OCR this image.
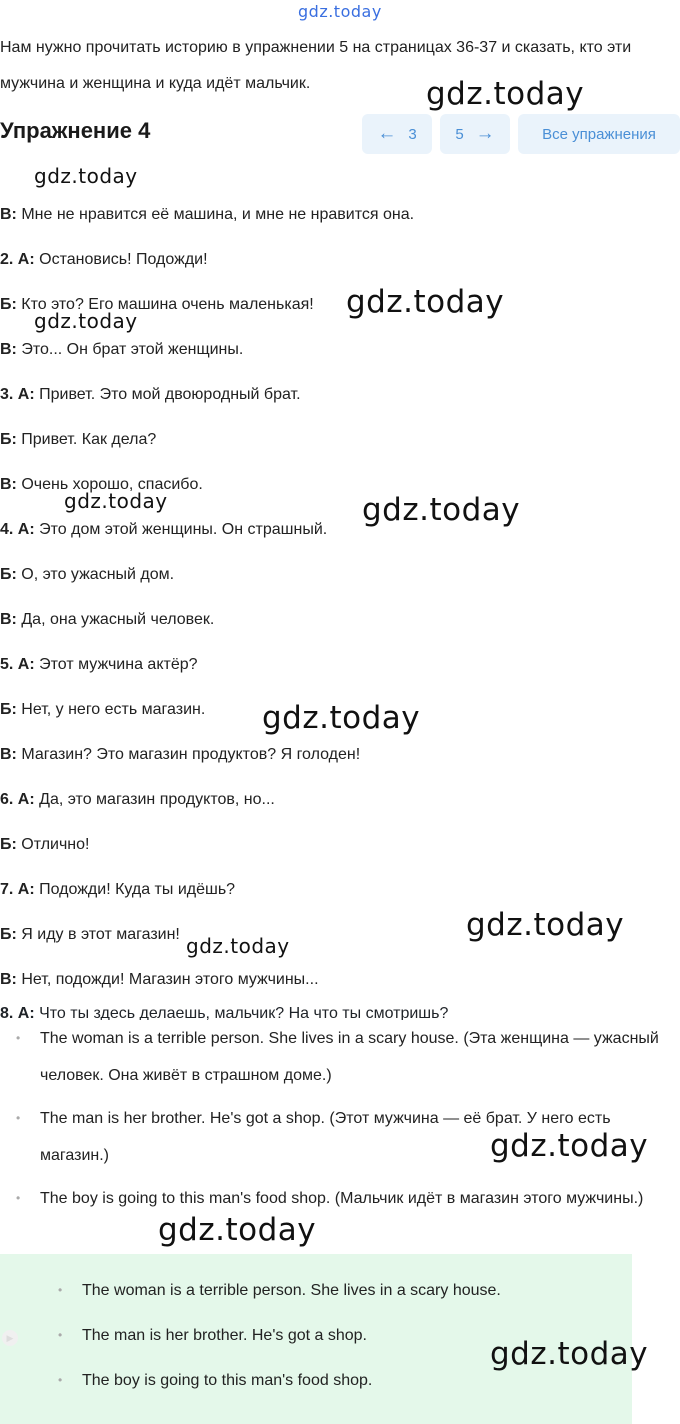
gdz.today
Нам нужно прочитать историю в упражнении 5 на страницах 36-37 и сказать, кто эти мужчина и женщина и куда идёт мальчик.
Упражнение 4	← 3	5 →	Все упражнения
В: Мне не нравится её машина, и мне не нравится она.
2. А: Остановись! Подожди!
Б: Кто это? Его машина очень маленькая!
В: Это... Он брат этой женщины.
3. А: Привет. Это мой двоюродный брат.
Б: Привет. Как дела?
В: Очень хорошо, спасибо.
4. А: Это дом этой женщины. Он страшный.
Б: О, это ужасный дом.
В: Да, она ужасный человек.
5. А: Этот мужчина актёр?
Б: Нет, у него есть магазин.
В: Магазин? Это магазин продуктов? Я голоден!
6. А: Да, это магазин продуктов, но...
Б: Отлично!
7. А: Подожди! Куда ты идёшь?
Б: Я иду в этот магазин!
В: Нет, подожди! Магазин этого мужчины...
8. А: Что ты здесь делаешь, мальчик? На что ты смотришь?
• The woman is a terrible person. She lives in a scary house. (Эта женщина — ужасный человек. Она живёт в страшном доме.)
• The man is her brother. He's got a shop. (Этот мужчина — её брат. У него есть магазин.)
• The boy is going to this man's food shop. (Мальчик идёт в магазин этого мужчины.)
▶
• The woman is a terrible person. She lives in a scary house.
• The man is her brother. He's got a shop.
• The boy is going to this man's food shop.
gdz.today
gdz.today
gdz.today
gdz.today
gdz.today	gdz.today
gdz.today
gdz.today
gdz.today
gdz.today
gdz.today
gdz.today
